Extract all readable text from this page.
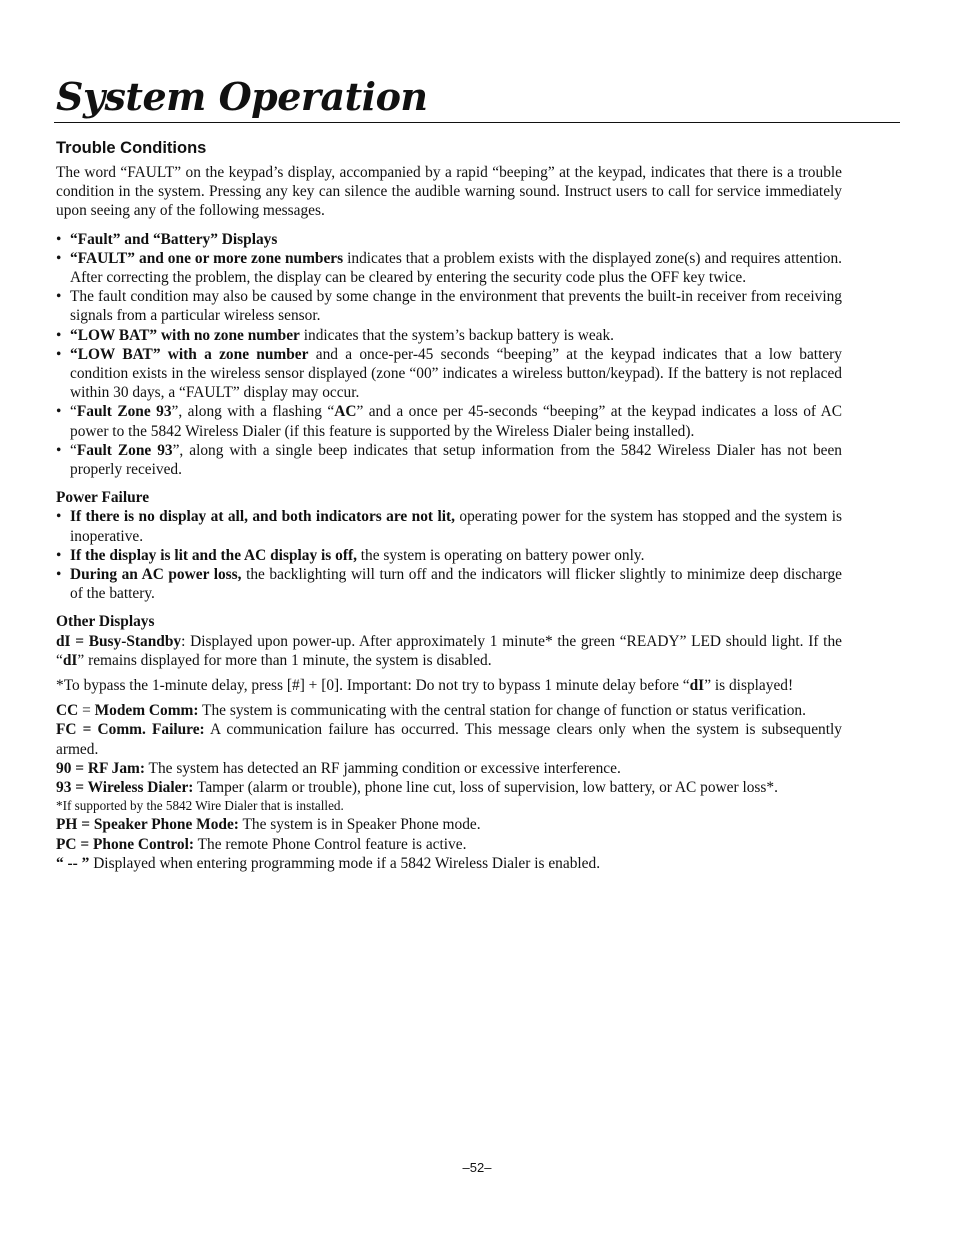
System Operation
Trouble Conditions

The word “FAULT” on the keypad’s display, accompanied by a rapid “beeping” at the keypad, indicates that there is a trouble condition in the system. Pressing any key can silence the audible warning sound. Instruct users to call for service immediately upon seeing any of the following messages.

• “Fault” and “Battery” Displays
• “FAULT” and one or more zone numbers indicates that a problem exists with the displayed zone(s) and requires attention. After correcting the problem, the display can be cleared by entering the security code plus the OFF key twice.
• The fault condition may also be caused by some change in the environment that prevents the built-in receiver from receiving signals from a particular wireless sensor.
• “LOW BAT” with no zone number indicates that the system’s backup battery is weak.
• “LOW BAT” with a zone number and a once-per-45 seconds “beeping” at the keypad indicates that a low battery condition exists in the wireless sensor displayed (zone “00” indicates a wireless button/keypad). If the battery is not replaced within 30 days, a “FAULT” display may occur.
• “Fault Zone 93”, along with a flashing “AC” and a once per 45-seconds “beeping” at the keypad indicates a loss of AC power to the 5842 Wireless Dialer (if this feature is supported by the Wireless Dialer being installed).
• “Fault Zone 93”, along with a single beep indicates that setup information from the 5842 Wireless Dialer has not been properly received.

Power Failure

• If there is no display at all, and both indicators are not lit, operating power for the system has stopped and the system is inoperative.
• If the display is lit and the AC display is off, the system is operating on battery power only.
• During an AC power loss, the backlighting will turn off and the indicators will flicker slightly to minimize deep discharge of the battery.

Other Displays

dI = Busy-Standby: Displayed upon power-up. After approximately 1 minute* the green “READY” LED should light. If the “dI” remains displayed for more than 1 minute, the system is disabled.

*To bypass the 1-minute delay, press [#] + [0]. Important: Do not try to bypass 1 minute delay before “dI” is displayed!

CC = Modem Comm: The system is communicating with the central station for change of function or status verification.

FC = Comm. Failure: A communication failure has occurred. This message clears only when the system is subsequently armed.

90 = RF Jam: The system has detected an RF jamming condition or excessive interference.

93 = Wireless Dialer: Tamper (alarm or trouble), phone line cut, loss of supervision, low battery, or AC power loss*.

*If supported by the 5842 Wire Dialer that is installed.

PH = Speaker Phone Mode: The system is in Speaker Phone mode.

PC = Phone Control: The remote Phone Control feature is active.

“ -- ” Displayed when entering programming mode if a 5842 Wireless Dialer is enabled.

–52–
